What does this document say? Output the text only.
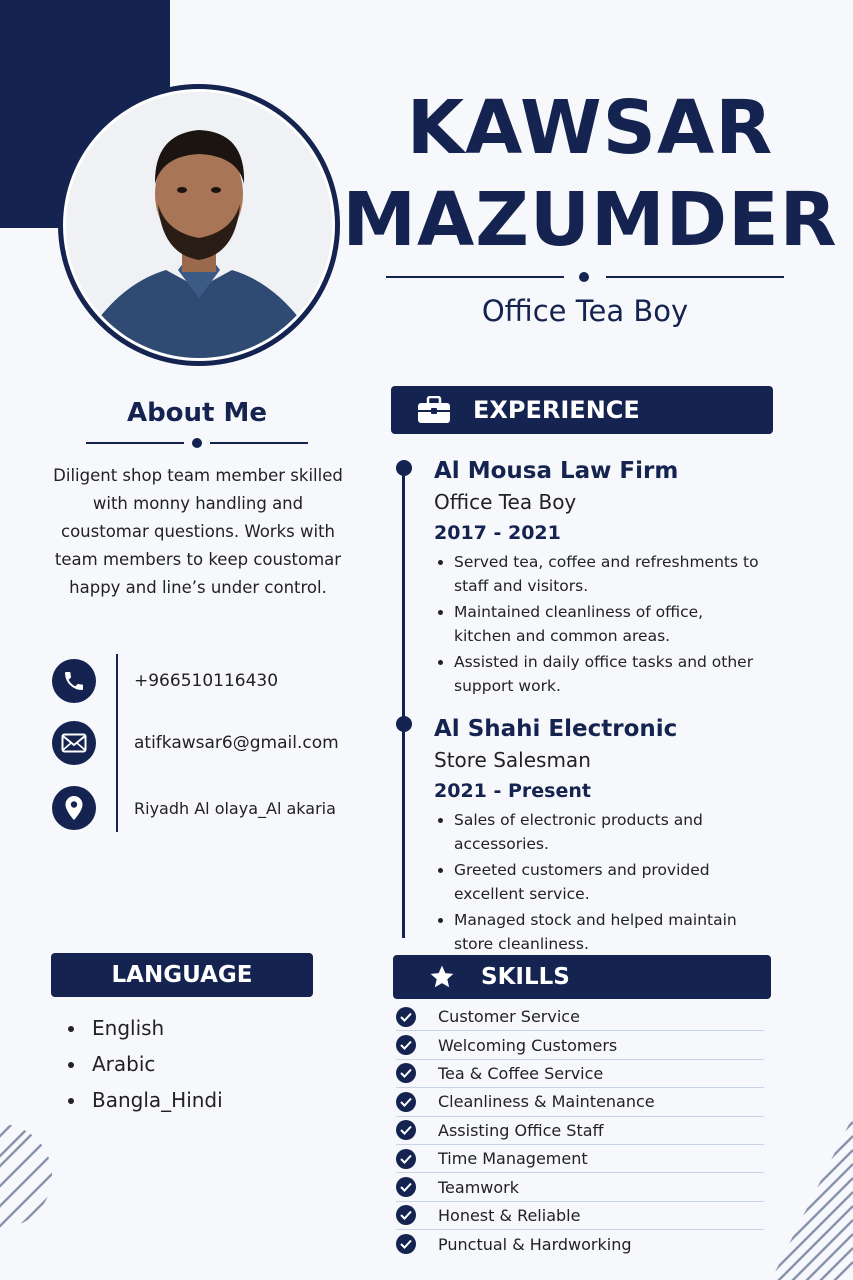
KAWSAR
MAZUMDER
Office Tea Boy
About Me
Diligent shop team member skilled with monny handling and coustomar questions. Works with team members to keep coustomar happy and line’s under control.
+966510116430
atifkawsar6@gmail.com
Riyadh Al olaya_Al akaria
EXPERIENCE
Al Mousa Law Firm
Office Tea Boy
2017 - 2021
Served tea, coffee and refreshments to staff and visitors.
Maintained cleanliness of office, kitchen and common areas.
Assisted in daily office tasks and other support work.
Al Shahi Electronic
Store Salesman
2021 - Present
Sales of electronic products and accessories.
Greeted customers and provided excellent service.
Managed stock and helped maintain store cleanliness.
LANGUAGE
English
Arabic
Bangla_Hindi
SKILLS
Customer Service
Welcoming Customers
Tea & Coffee Service
Cleanliness & Maintenance
Assisting Office Staff
Time Management
Teamwork
Honest & Reliable
Punctual & Hardworking
